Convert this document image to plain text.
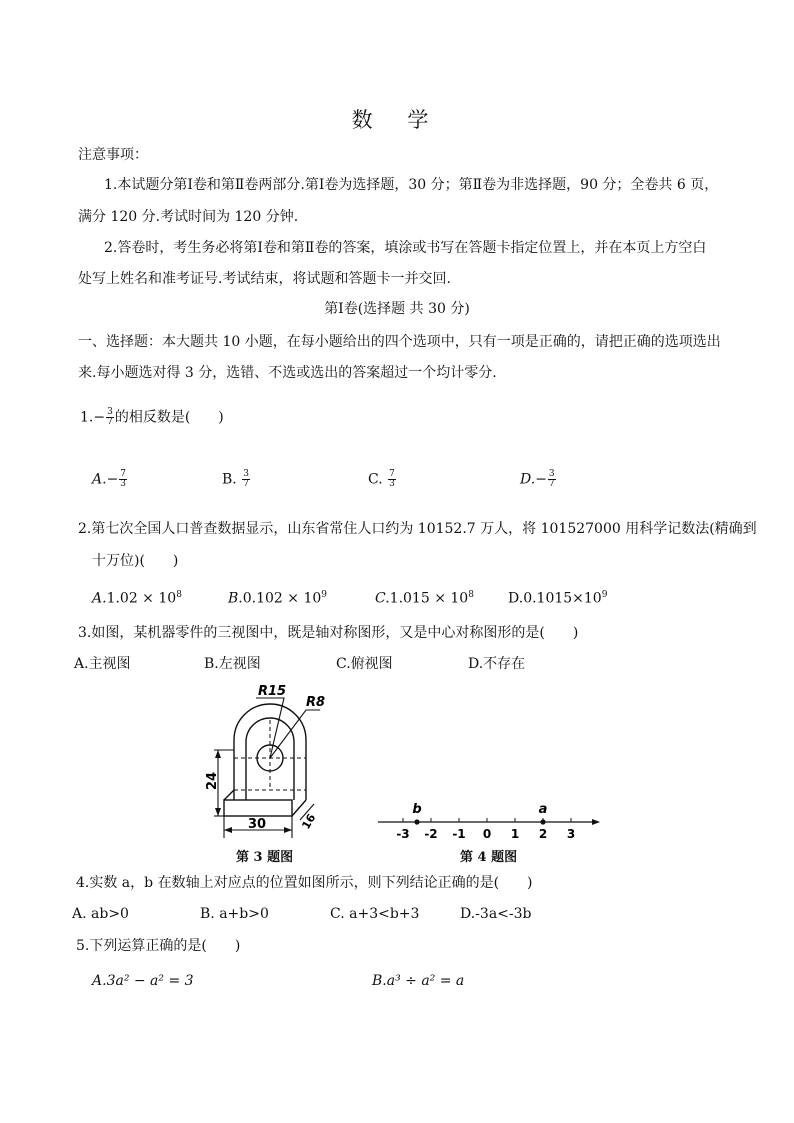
数 学
注意事项：
1.本试题分第Ⅰ卷和第Ⅱ卷两部分.第Ⅰ卷为选择题，30 分；第Ⅱ卷为非选择题，90 分；全卷共 6 页，
满分 120 分.考试时间为 120 分钟.
2.答卷时，考生务必将第Ⅰ卷和第Ⅱ卷的答案，填涂或书写在答题卡指定位置上，并在本页上方空白
处写上姓名和准考证号.考试结束，将试题和答题卡一并交回.
第Ⅰ卷(选择题 共 30 分)
一、选择题：本大题共 10 小题，在每小题给出的四个选项中，只有一项是正确的，请把正确的选项选出
来.每小题选对得 3 分，选错、不选或选出的答案超过一个均计零分.
$1.- \frac{3}{7}$ 的相反数是(　　)
$A.- \frac{7}{3}$	B. $\frac{3}{7}$	C. $\frac{7}{3}$	$D.- \frac{3}{7}$
2.第七次全国人口普查数据显示，山东省常住人口约为 10152.7 万人，将 101527000 用科学记数法(精确到
十万位)(　　)
$A.1.02 \times 10^8$	$B.0.102 \times 10^9$	$C.1.015 \times 10^8$ $D.0.1015\times 10^9$
3.如图，某机器零件的三视图中，既是轴对称图形，又是中心对称图形的是(　　)
A.主视图	B.左视图	C.俯视图	D.不存在
R15
R8
24
30	16
第 3 题图
-3 -2 -1 0 1 2 3
b	a
第 4 题图
4.实数 a，b 在数轴上对应点的位置如图所示，则下列结论正确的是(　　)
A. ab>0	B. a+b>0	C. a+3<b+3	D.-3a<-3b
5.下列运算正确的是(　　)
A.3a² − a² = 3	B.a³ ÷ a² = a
